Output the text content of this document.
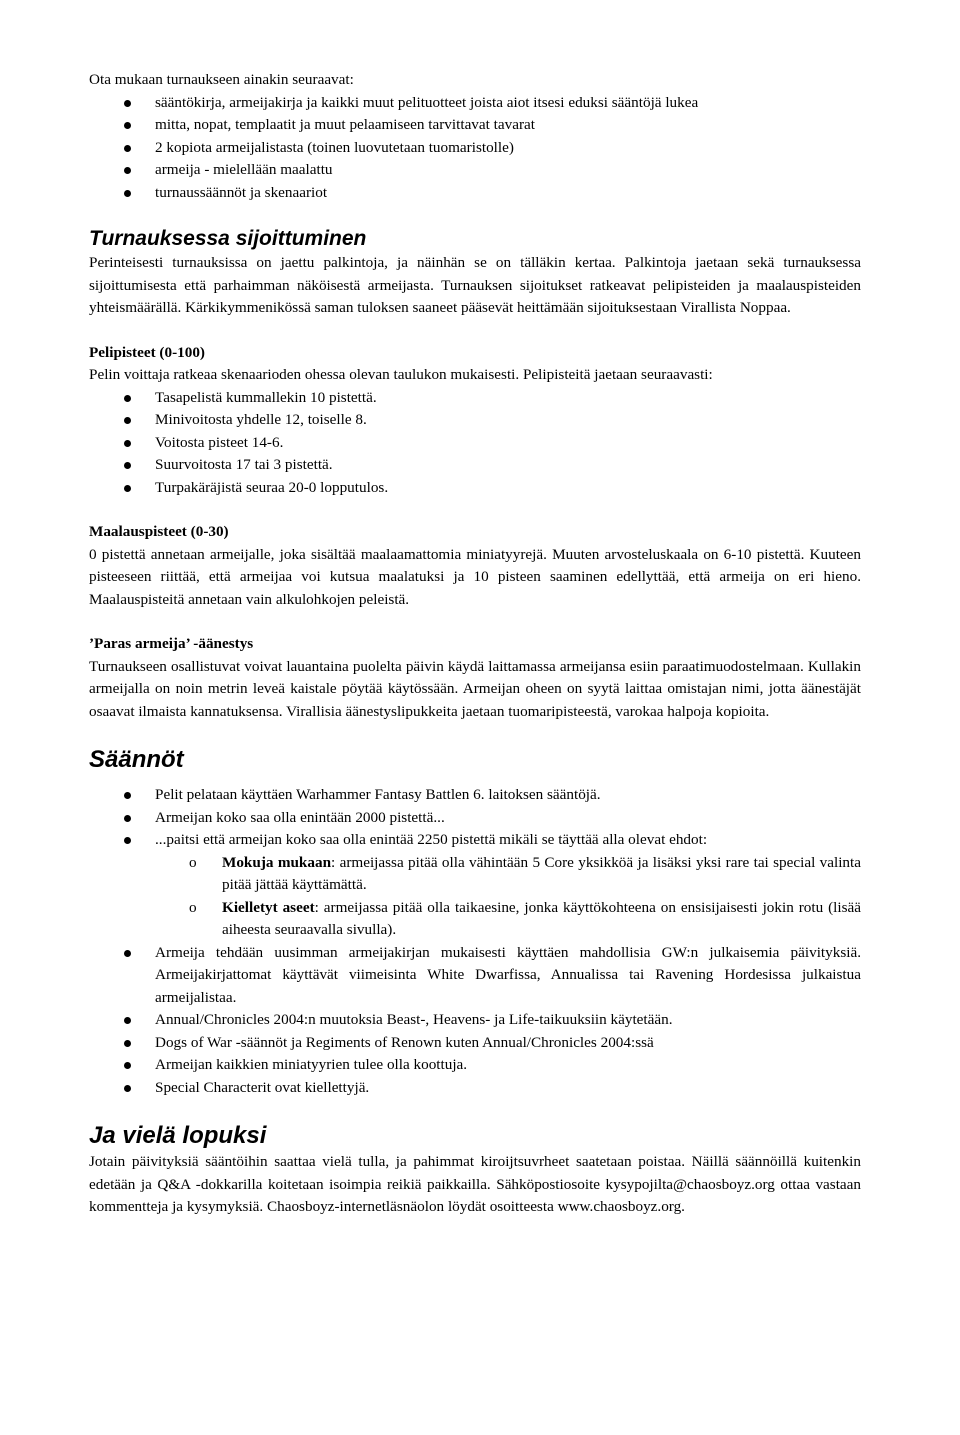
Ota mukaan turnaukseen ainakin seuraavat:

sääntökirja, armeijakirja ja kaikki muut pelituotteet joista aiot itsesi eduksi sääntöjä lukea
mitta, nopat, templaatit ja muut pelaamiseen tarvittavat tavarat
2 kopiota armeijalistasta (toinen luovutetaan tuomaristolle)
armeija - mielellään maalattu
turnaussäännöt ja skenaariot
Turnauksessa sijoittuminen

Perinteisesti turnauksissa on jaettu palkintoja, ja näinhän se on tälläkin kertaa. Palkintoja jaetaan sekä turnauksessa sijoittumisesta että parhaimman näköisestä armeijasta. Turnauksen sijoitukset ratkeavat pelipisteiden ja maalauspisteiden yhteismäärällä. Kärkikymmenikössä saman tuloksen saaneet pääsevät heittämään sijoituksestaan Virallista Noppaa.

Pelipisteet (0-100)

Pelin voittaja ratkeaa skenaarioden ohessa olevan taulukon mukaisesti. Pelipisteitä jaetaan seuraavasti:

Tasapelistä kummallekin 10 pistettä.
Minivoitosta yhdelle 12, toiselle 8.
Voitosta pisteet 14-6.
Suurvoitosta 17 tai 3 pistettä.
Turpakäräjistä seuraa 20-0 lopputulos.

Maalauspisteet (0-30)

0 pistettä annetaan armeijalle, joka sisältää maalaamattomia miniatyyrejä. Muuten arvosteluskaala on 6-10 pistettä. Kuuteen pisteeseen riittää, että armeijaa voi kutsua maalatuksi ja 10 pisteen saaminen edellyttää, että armeija on eri hieno. Maalauspisteitä annetaan vain alkulohkojen peleistä.

’Paras armeija’ -äänestys

Turnaukseen osallistuvat voivat lauantaina puolelta päivin käydä laittamassa armeijansa esiin paraatimuodostelmaan. Kullakin armeijalla on noin metrin leveä kaistale pöytää käytössään. Armeijan oheen on syytä laittaa omistajan nimi, jotta äänestäjät osaavat ilmaista kannatuksensa. Virallisia äänestyslipukkeita jaetaan tuomaripisteestä, varokaa halpoja kopioita.

Säännöt
Pelit pelataan käyttäen Warhammer Fantasy Battlen 6. laitoksen sääntöjä.
Armeijan koko saa olla enintään 2000 pistettä...
...paitsi että armeijan koko saa olla enintää 2250 pistettä mikäli se täyttää alla olevat ehdot:

o Mokuja mukaan: armeijassa pitää olla vähintään 5 Core yksikköä ja lisäksi yksi rare tai special valinta pitää jättää käyttämättä.

o Kielletyt aseet: armeijassa pitää olla taikaesine, jonka käyttökohteena on ensisijaisesti jokin rotu (lisää aiheesta seuraavalla sivulla).

Armeija tehdään uusimman armeijakirjan mukaisesti käyttäen mahdollisia GW:n julkaisemia päivityksiä. Armeijakirjattomat käyttävät viimeisinta White Dwarfissa, Annualissa tai Ravening Hordesissa julkaistua armeijalistaa.

Annual/Chronicles 2004:n muutoksia Beast-, Heavens- ja Life-taikuuksiin käytetään.
Dogs of War -säännöt ja Regiments of Renown kuten Annual/Chronicles 2004:ssä
Armeijan kaikkien miniatyyrien tulee olla koottuja.
Special Characterit ovat kiellettyjä.
Ja vielä lopuksi

Jotain päivityksiä sääntöihin saattaa vielä tulla, ja pahimmat kiroijtsuvrheet saatetaan poistaa. Näillä säännöillä kuitenkin edetään ja Q&A -dokkarilla koitetaan isoimpia reikiä paikkailla. Sähköpostiosoite kysypojilta@chaosboyz.org ottaa vastaan kommentteja ja kysymyksiä. Chaosboyz-internetläsnäolon löydät osoitteesta www.chaosboyz.org.
